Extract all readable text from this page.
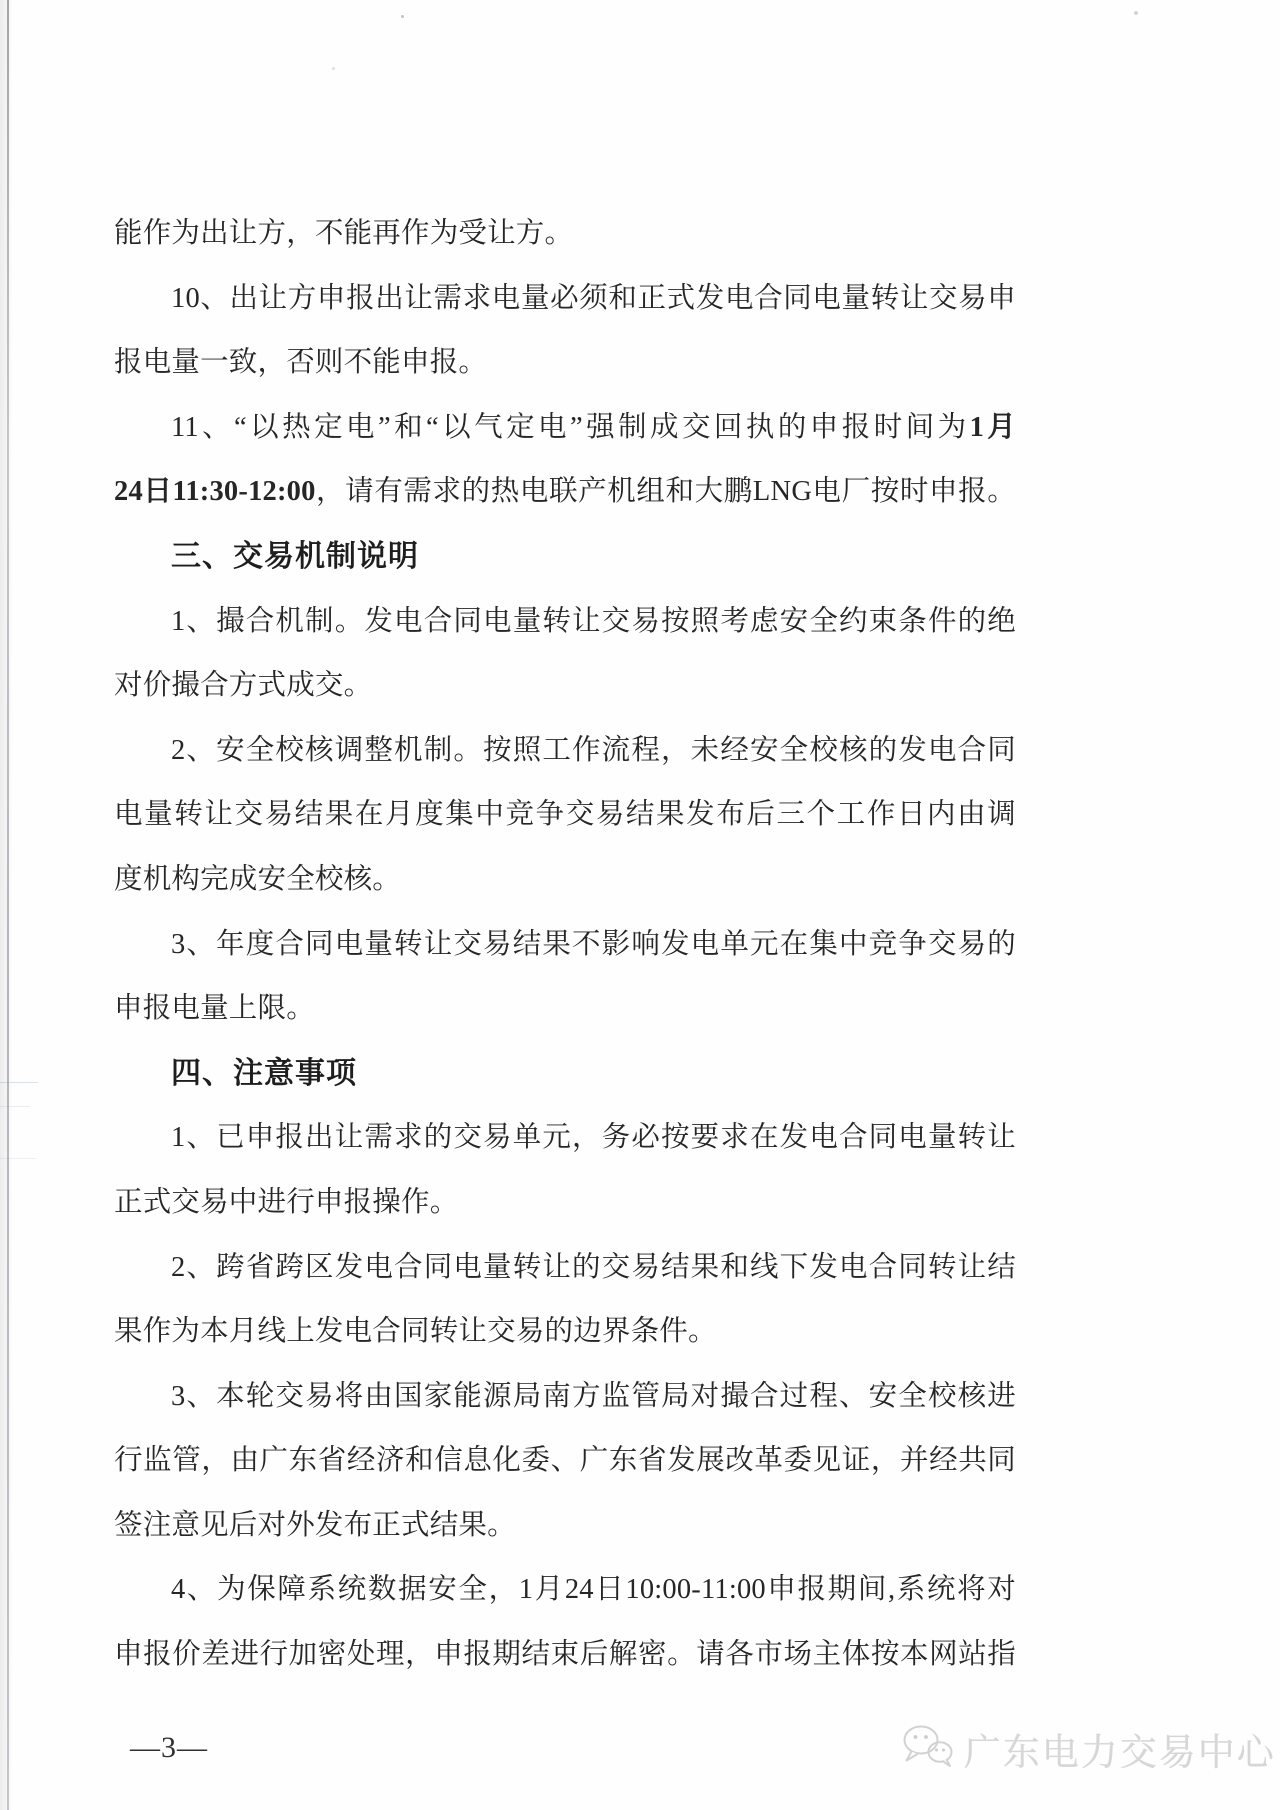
能作为出让方，不能再作为受让方。
10、出让方申报出让需求电量必须和正式发电合同电量转让交易申
报电量一致，否则不能申报。
11、“以热定电”和“以气定电”强制成交回执的申报时间为1月
24日11:30-12:00，请有需求的热电联产机组和大鹏LNG电厂按时申报。
三、交易机制说明
1、撮合机制。发电合同电量转让交易按照考虑安全约束条件的绝
对价撮合方式成交。
2、安全校核调整机制。按照工作流程，未经安全校核的发电合同
电量转让交易结果在月度集中竞争交易结果发布后三个工作日内由调
度机构完成安全校核。
3、年度合同电量转让交易结果不影响发电单元在集中竞争交易的
申报电量上限。
四、注意事项
1、已申报出让需求的交易单元，务必按要求在发电合同电量转让
正式交易中进行申报操作。
2、跨省跨区发电合同电量转让的交易结果和线下发电合同转让结
果作为本月线上发电合同转让交易的边界条件。
3、本轮交易将由国家能源局南方监管局对撮合过程、安全校核进
行监管，由广东省经济和信息化委、广东省发展改革委见证，并经共同
签注意见后对外发布正式结果。
4、为保障系统数据安全，1月24日10:00-11:00申报期间,系统将对
申报价差进行加密处理，申报期结束后解密。请各市场主体按本网站指
—3—	广东电力交易中心
